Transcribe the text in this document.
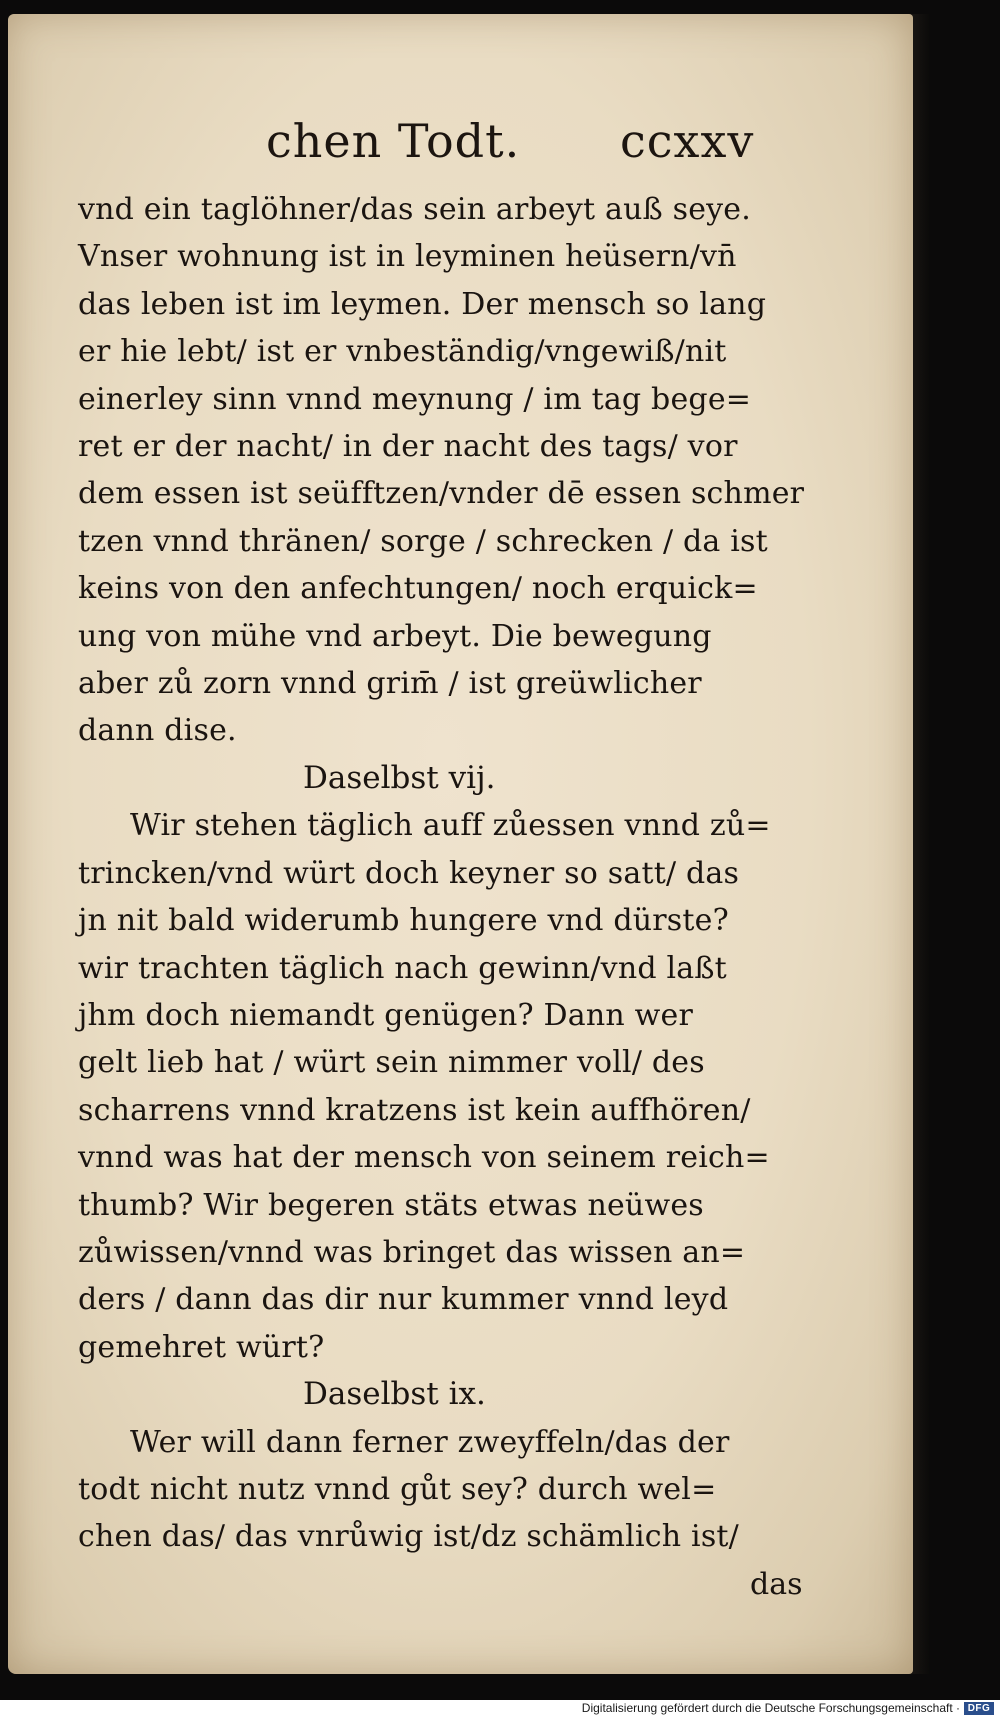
chen Todt. ccxxv
vnd ein taglöhner/das sein arbeyt auß seye.
Vnser wohnung ist in leyminen heüsern/vn̄
das leben ist im leymen. Der mensch so lang
er hie lebt/ ist er vnbeständig/vngewiß/nit
einerley sinn vnnd meynung / im tag bege=
ret er der nacht/ in der nacht des tags/ vor
dem essen ist seüfftzen/vnder dē essen schmer
tzen vnnd thränen/ sorge / schrecken / da ist
keins von den anfechtungen/ noch erquick=
ung von mühe vnd arbeyt. Die bewegung
aber zů zorn vnnd grim̄ / ist greüwlicher
dann dise.
Daselbst vij.
Wir stehen täglich auff zůessen vnnd zů=
trincken/vnd würt doch keyner so satt/ das
jn nit bald widerumb hungere vnd dürste?
wir trachten täglich nach gewinn/vnd laßt
jhm doch niemandt genügen? Dann wer
gelt lieb hat / würt sein nimmer voll/ des
scharrens vnnd kratzens ist kein auffhören/
vnnd was hat der mensch von seinem reich=
thumb? Wir begeren stäts etwas neüwes
zůwissen/vnnd was bringet das wissen an=
ders / dann das dir nur kummer vnnd leyd
gemehret würt?
Daselbst ix.
Wer will dann ferner zweyffeln/das der
todt nicht nutz vnnd gůt sey? durch wel=
chen das/ das vnrůwig ist/dz schämlich ist/
das
Digitalisierung gefördert durch die Deutsche Forschungsgemeinschaft · DFG
